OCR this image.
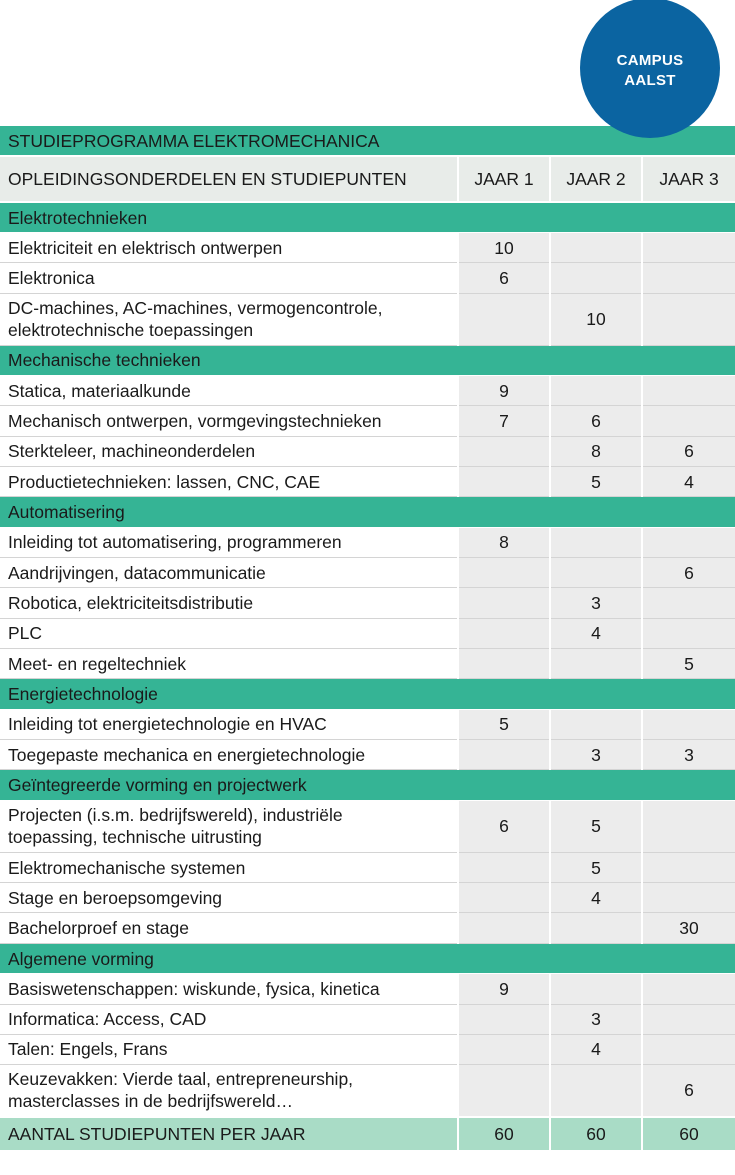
CAMPUS
AALST
STUDIEPROGRAMMA ELEKTROMECHANICA			
OPLEIDINGSONDERDELEN EN STUDIEPUNTEN	JAAR 1	JAAR 2	JAAR 3
Elektrotechnieken			
Elektriciteit en elektrisch ontwerpen	10		
Elektronica	6		
DC-machines, AC-machines, vermogencontrole,
elektrotechnische toepassingen		10	
Mechanische technieken			
Statica, materiaalkunde	9		
Mechanisch ontwerpen, vormgevingstechnieken	7	6	
Sterkteleer, machineonderdelen		8	6
Productietechnieken: lassen, CNC, CAE		5	4
Automatisering			
Inleiding tot automatisering, programmeren	8		
Aandrijvingen, datacommunicatie			6
Robotica, elektriciteitsdistributie		3	
PLC		4	
Meet- en regeltechniek			5
Energietechnologie			
Inleiding tot energietechnologie en HVAC	5		
Toegepaste mechanica en energietechnologie		3	3
Geïntegreerde vorming en projectwerk			
Projecten (i.s.m. bedrijfswereld), industriële
toepassing, technische uitrusting	6	5	
Elektromechanische systemen		5	
Stage en beroepsomgeving		4	
Bachelorproef en stage			30
Algemene vorming			
Basiswetenschappen: wiskunde, fysica, kinetica	9		
Informatica: Access, CAD		3	
Talen: Engels, Frans		4	
Keuzevakken: Vierde taal, entrepreneurship,
masterclasses in de bedrijfswereld…			6
AANTAL STUDIEPUNTEN PER JAAR	60	60	60
